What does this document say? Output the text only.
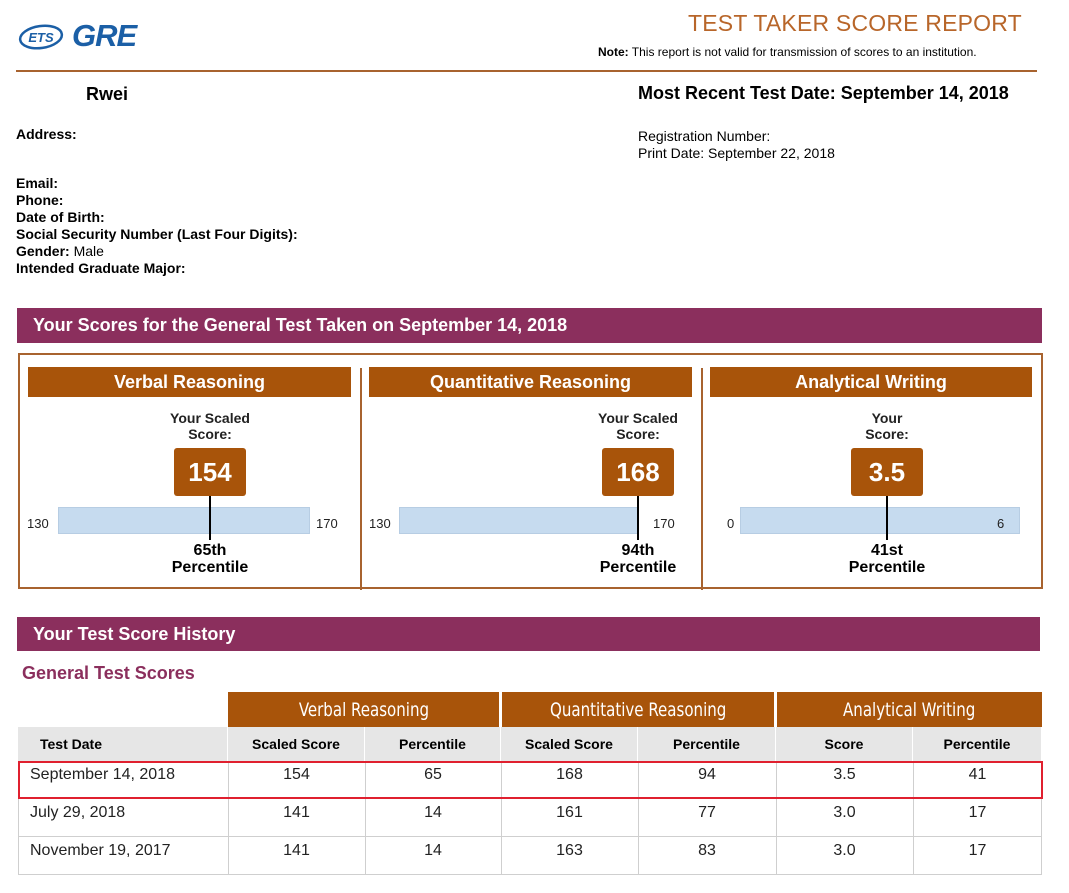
ETS GRE	TEST TAKER SCORE REPORT
Note: This report is not valid for transmission of scores to an institution.
Rwei
Address:
Email:
Phone:
Date of Birth:
Social Security Number (Last Four Digits):
Gender: Male
Intended Graduate Major:
Most Recent Test Date: September 14, 2018
Registration Number:
Print Date: September 22, 2018
Your Scores for the General Test Taken on September 14, 2018
Verbal Reasoning
Your Scaled
Score:
154
130	170
65th
Percentile
Quantitative Reasoning
Your Scaled
Score:
168
130	170
94th
Percentile
Analytical Writing
Your
Score:
3.5
0	6
41st
Percentile
Your Test Score History
General Test Scores
Verbal Reasoning	Quantitative Reasoning	Analytical Writing
Test Date	Scaled Score	Percentile	Scaled Score	Percentile	Score	Percentile
September 14, 2018	154	65	168	94	3.5	41
July 29, 2018	141	14	161	77	3.0	17
November 19, 2017	141	14	163	83	3.0	17
